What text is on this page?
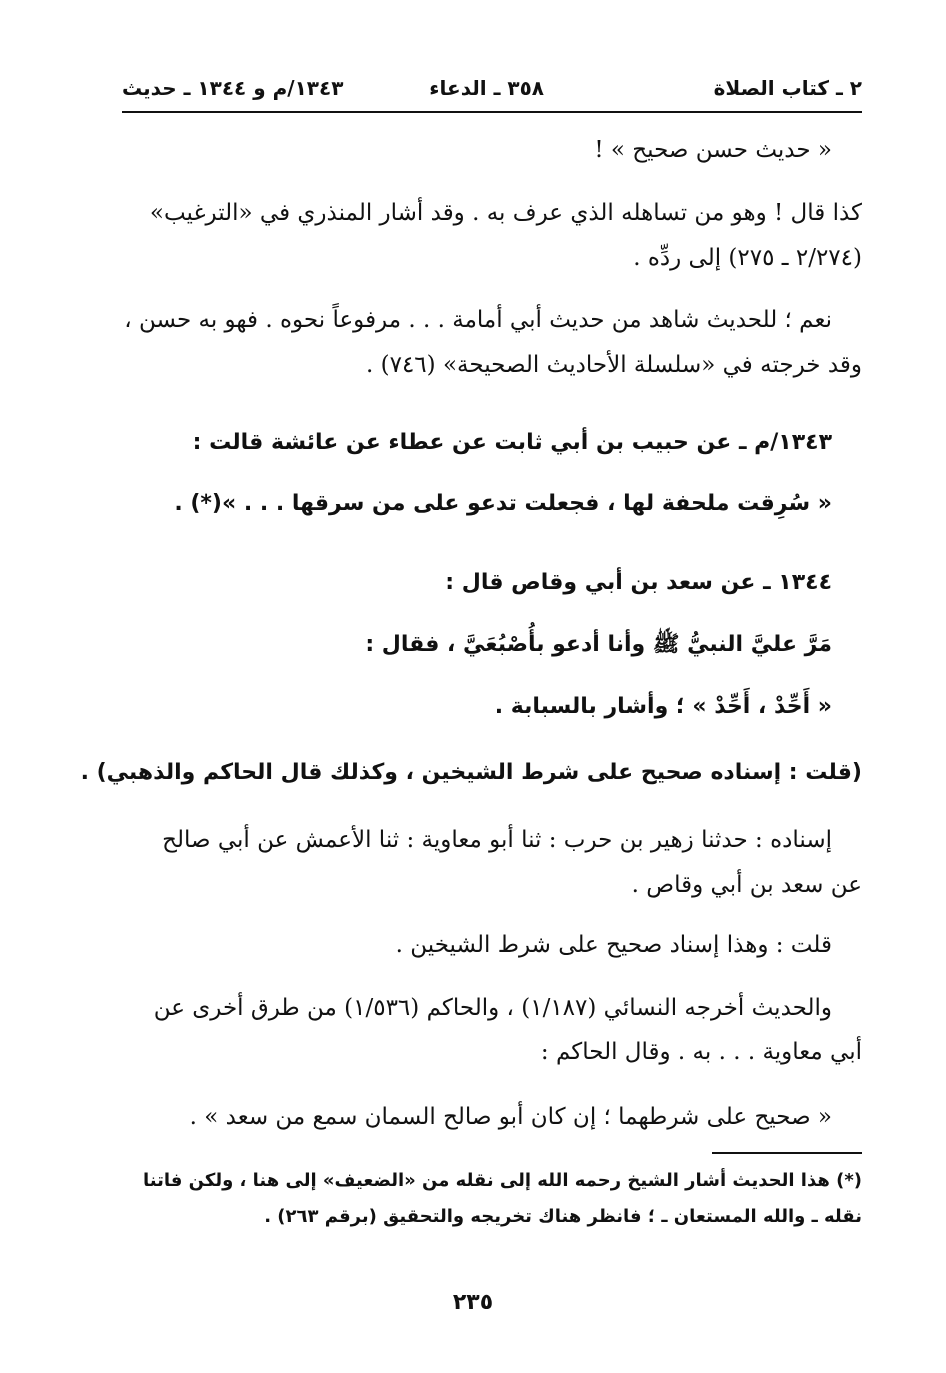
٢ ـ كتاب الصلاة
٣٥٨ ـ الدعاء
١٣٤٣/م و ١٣٤٤ ـ حديث
« حديث حسن صحيح » !
كذا قال ! وهو من تساهله الذي عرف به . وقد أشار المنذري في «الترغيب»
(٢/٢٧٤ ـ ٢٧٥) إلى ردِّه .
نعم ؛ للحديث شاهد من حديث أبي أمامة . . . مرفوعاً نحوه . فهو به حسن ،
وقد خرجته في «سلسلة الأحاديث الصحيحة» (٧٤٦) .
١٣٤٣/م ـ عن حبيب بن أبي ثابت عن عطاء عن عائشة قالت :
« سُرِقت ملحفة لها ، فجعلت تدعو على من سرقها . . . »(*) .
١٣٤٤ ـ عن سعد بن أبي وقاص قال :
مَرَّ عليَّ النبيُّ ﷺ وأنا أدعو بأُصْبُعَيَّ ، فقال :
« أَحِّدْ ، أَحِّدْ » ؛ وأشار بالسبابة .
(قلت : إسناده صحيح على شرط الشيخين ، وكذلك قال الحاكم والذهبي) .
إسناده : حدثنا زهير بن حرب : ثنا أبو معاوية : ثنا الأعمش عن أبي صالح
عن سعد بن أبي وقاص .
قلت : وهذا إسناد صحيح على شرط الشيخين .
والحديث أخرجه النسائي (١/١٨٧) ، والحاكم (١/٥٣٦) من طرق أخرى عن
أبي معاوية . . . به . وقال الحاكم :
« صحيح على شرطهما ؛ إن كان أبو صالح السمان سمع من سعد » .
(*) هذا الحديث أشار الشيخ رحمه الله إلى نقله من «الضعيف» إلى هنا ، ولكن فاتنا
نقله ـ والله المستعان ـ ؛ فانظر هناك تخريجه والتحقيق (برقم ٢٦٣) .
٢٣٥
